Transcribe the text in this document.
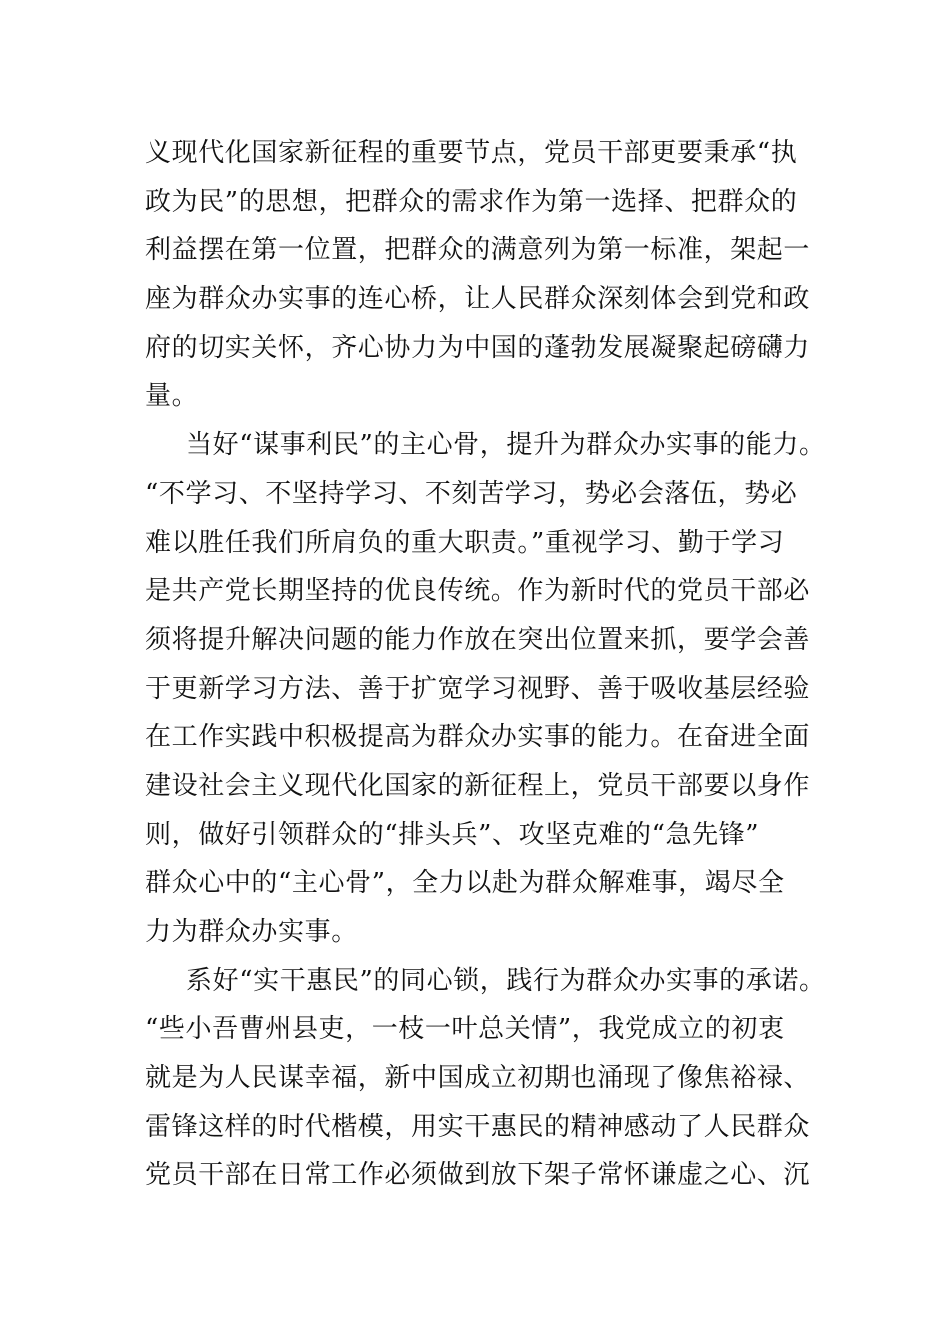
义现代化国家新征程的重要节点，党员干部更要秉承“执
政为民”的思想，把群众的需求作为第一选择、把群众的
利益摆在第一位置，把群众的满意列为第一标准，架起一
座为群众办实事的连心桥，让人民群众深刻体会到党和政
府的切实关怀，齐心协力为中国的蓬勃发展凝聚起磅礴力
量。
当好“谋事利民”的主心骨，提升为群众办实事的能力。
“不学习、不坚持学习、不刻苦学习，势必会落伍，势必
难以胜任我们所肩负的重大职责。”重视学习、勤于学习
是共产党长期坚持的优良传统。作为新时代的党员干部必
须将提升解决问题的能力作放在突出位置来抓，要学会善
于更新学习方法、善于扩宽学习视野、善于吸收基层经验
在工作实践中积极提高为群众办实事的能力。在奋进全面
建设社会主义现代化国家的新征程上，党员干部要以身作
则，做好引领群众的“排头兵”、攻坚克难的“急先锋”
群众心中的“主心骨”，全力以赴为群众解难事，竭尽全
力为群众办实事。
系好“实干惠民”的同心锁，践行为群众办实事的承诺。
“些小吾曹州县吏，一枝一叶总关情”，我党成立的初衷
就是为人民谋幸福，新中国成立初期也涌现了像焦裕禄、
雷锋这样的时代楷模，用实干惠民的精神感动了人民群众
党员干部在日常工作必须做到放下架子常怀谦虚之心、沉
